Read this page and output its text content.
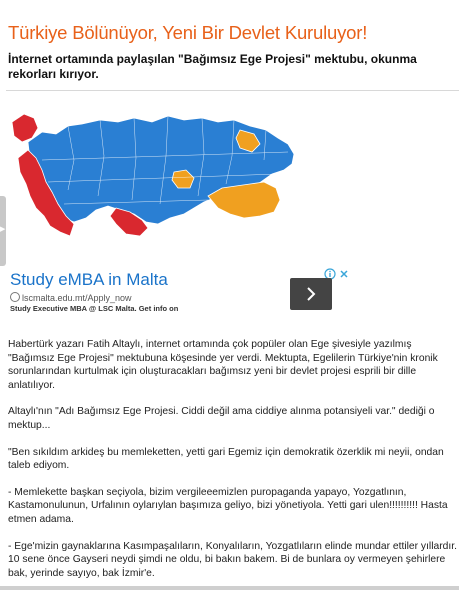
Türkiye Bölünüyor, Yeni Bir Devlet Kuruluyor!
İnternet ortamında paylaşılan "Bağımsız Ege Projesi" mektubu, okunma rekorları kırıyor.
▶
Study eMBA in Malta
lscmalta.edu.mt/Apply_now
Study Executive MBA @ LSC Malta. Get info on

Habertürk yazarı Fatih Altaylı, internet ortamında çok popüler olan Ege şivesiyle yazılmış "Bağımsız Ege Projesi" mektubuna köşesinde yer verdi. Mektupta, Egelilerin Türkiye'nin kronik sorunlarından kurtulmak için oluşturacakları bağımsız yeni bir devlet projesi esprili bir dille anlatılıyor.

Altaylı'nın "Adı Bağımsız Ege Projesi. Ciddi değil ama ciddiye alınma potansiyeli var." dediği o mektup...

"Ben sıkıldım arkideş bu memleketten, yetti gari Egemiz için demokratik özerklik mi neyii, ondan taleb ediyom.

- Memlekette başkan seçiyola, bizim vergileeemizlen puropaganda yapayo, Yozgatlının, Kastamonulunun, Urfalının oylarıylan başımıza geliyo, bizi yönetiyola. Yetti gari ulen!!!!!!!!!! Hasta etmen adama.

- Ege'mizin gaynaklarına Kasımpaşalıların, Konyalıların, Yozgatlıların elinde mundar ettiler yıllardır. 10 sene önce Gayseri neydi şimdi ne oldu, bi bakın bakem. Bi de bunlara oy vermeyen şehirlere bak, yerinde sayıyo, bak İzmir'e.
